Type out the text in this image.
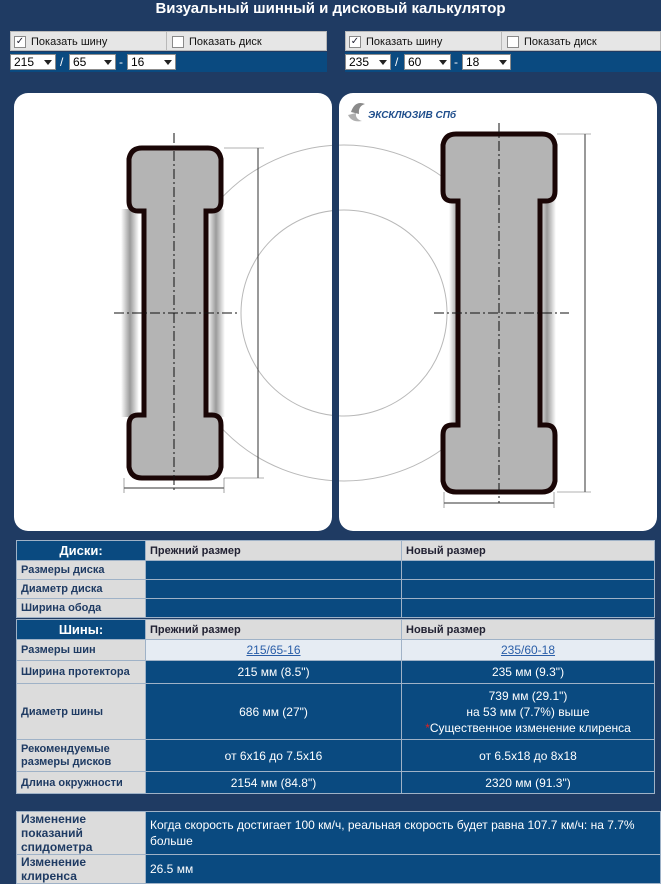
Визуальный шинный и дисковый калькулятор
✓ Показать шину	Показать диск
215	/ 65	- 16
✓ Показать шину	Показать диск
235	/ 60	- 18
ЭКСКЛЮЗИВ СПб
Диски:	Прежний размер	Новый размер
Размеры диска		
Диаметр диска		
Ширина обода		
Шины:	Прежний размер	Новый размер
Размеры шин	215/65-16	235/60-18
Ширина протектора	215 мм (8.5")	235 мм (9.3")
Диаметр шины	686 мм (27")	739 мм (29.1")
на 53 мм (7.7%) выше
*Существенное изменение клиренса

Рекомендуемые размеры дисков	от 6х16 до 7.5х16	от 6.5х18 до 8х18
Длина окружности	2154 мм (84.8")	2320 мм (91.3")
Изменение показаний спидометра	Когда скорость достигает 100 км/ч, реальная скорость будет равна 107.7 км/ч: на 7.7% больше
Изменение клиренса	26.5 мм
